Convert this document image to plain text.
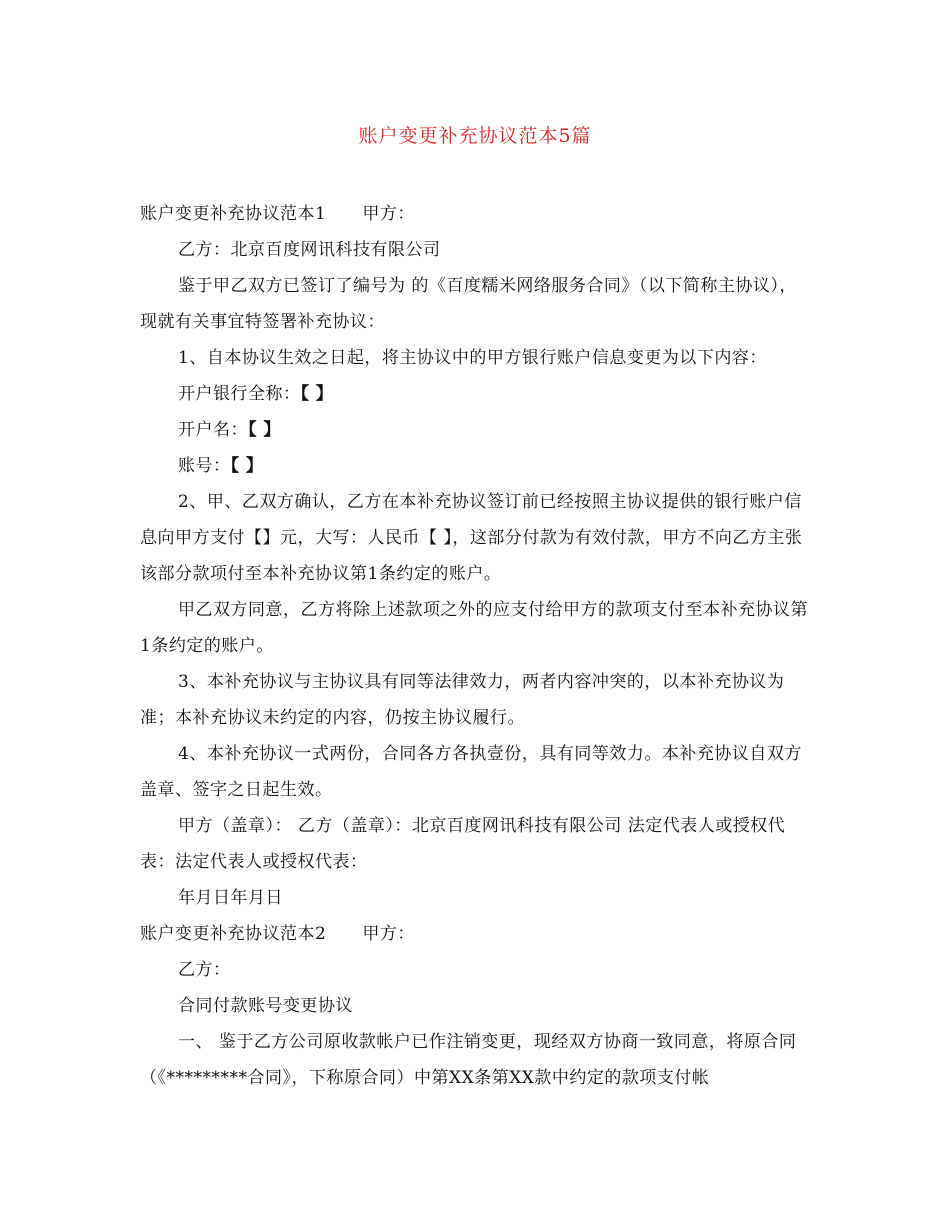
账户变更补充协议范本5篇

账户变更补充协议范本1 甲方：

乙方：北京百度网讯科技有限公司

鉴于甲乙双方已签订了编号为 的《百度糯米网络服务合同》（以下简称主协议），现就有关事宜特签署补充协议：

1、自本协议生效之日起，将主协议中的甲方银行账户信息变更为以下内容：

开户银行全称：【 】

开户名：【 】

账号：【 】

2、甲、乙双方确认，乙方在本补充协议签订前已经按照主协议提供的银行账户信息向甲方支付【】元，大写：人民币【 】，这部分付款为有效付款，甲方不向乙方主张该部分款项付至本补充协议第1条约定的账户。

甲乙双方同意，乙方将除上述款项之外的应支付给甲方的款项支付至本补充协议第1条约定的账户。

3、本补充协议与主协议具有同等法律效力，两者内容冲突的，以本补充协议为准；本补充协议未约定的内容，仍按主协议履行。

4、本补充协议一式两份，合同各方各执壹份，具有同等效力。本补充协议自双方盖章、签字之日起生效。

甲方（盖章）： 乙方（盖章）：北京百度网讯科技有限公司 法定代表人或授权代表：法定代表人或授权代表：

年月日年月日

账户变更补充协议范本2 甲方：

乙方：

合同付款账号变更协议

一、 鉴于乙方公司原收款帐户已作注销变更，现经双方协商一致同意，将原合同（《*********合同》，下称原合同）中第XX条第XX款中约定的款项支付帐
